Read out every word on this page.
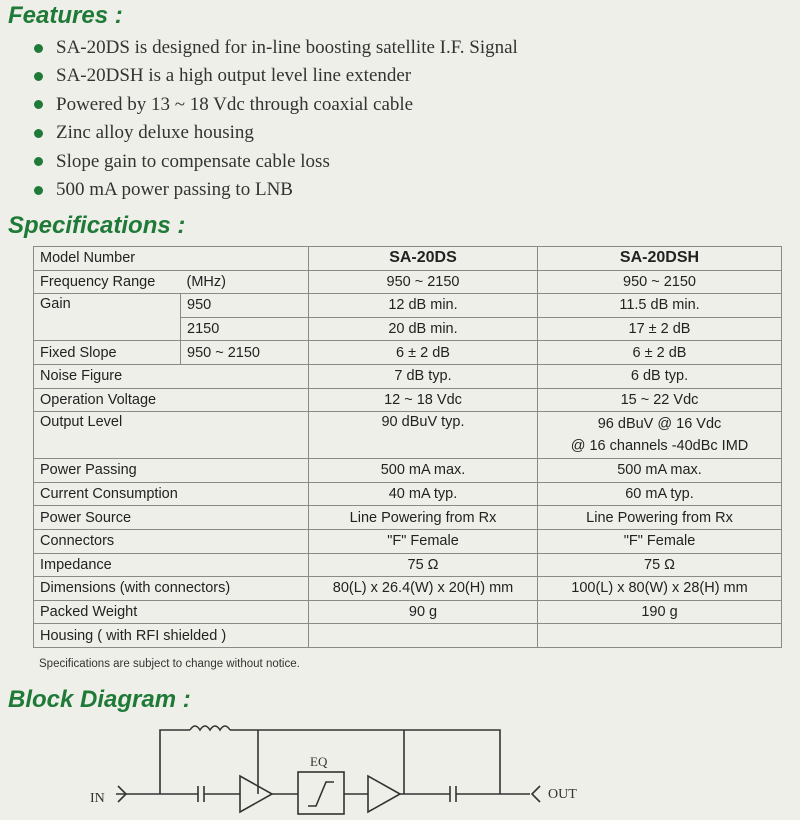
Features :
SA-20DS is designed for in-line boosting satellite I.F. Signal
SA-20DSH is a high output level line extender
Powered by 13 ~ 18 Vdc through coaxial cable
Zinc alloy deluxe housing
Slope gain to compensate cable loss
500 mA power passing to LNB
Specifications :
Model Number		SA-20DS	SA-20DSH
Frequency Range	(MHz)	950 ~ 2150	950 ~ 2150
Gain	950	12 dB min.	11.5 dB min.
	2150	20 dB min.	17 ± 2 dB
Fixed Slope	950 ~ 2150	6 ± 2 dB	6 ± 2 dB
Noise Figure		7 dB typ.	6 dB typ.
Operation Voltage		12 ~ 18 Vdc	15 ~ 22 Vdc
Output Level		90 dBuV typ.	96 dBuV @ 16 Vdc
@ 16 channels -40dBc IMD

Power Passing		500 mA max.	500 mA max.
Current Consumption		40 mA typ.	60 mA typ.
Power Source		Line Powering from Rx	Line Powering from Rx
Connectors		"F" Female	"F" Female
Impedance		75 Ω	75 Ω
Dimensions (with connectors)		80(L) x 26.4(W) x 20(H) mm	100(L) x 80(W) x 28(H) mm
Packed Weight		90 g	190 g
Housing ( with RFI shielded )			
Specifications are subject to change without notice.
Block Diagram :
IN	OUT
EQ
